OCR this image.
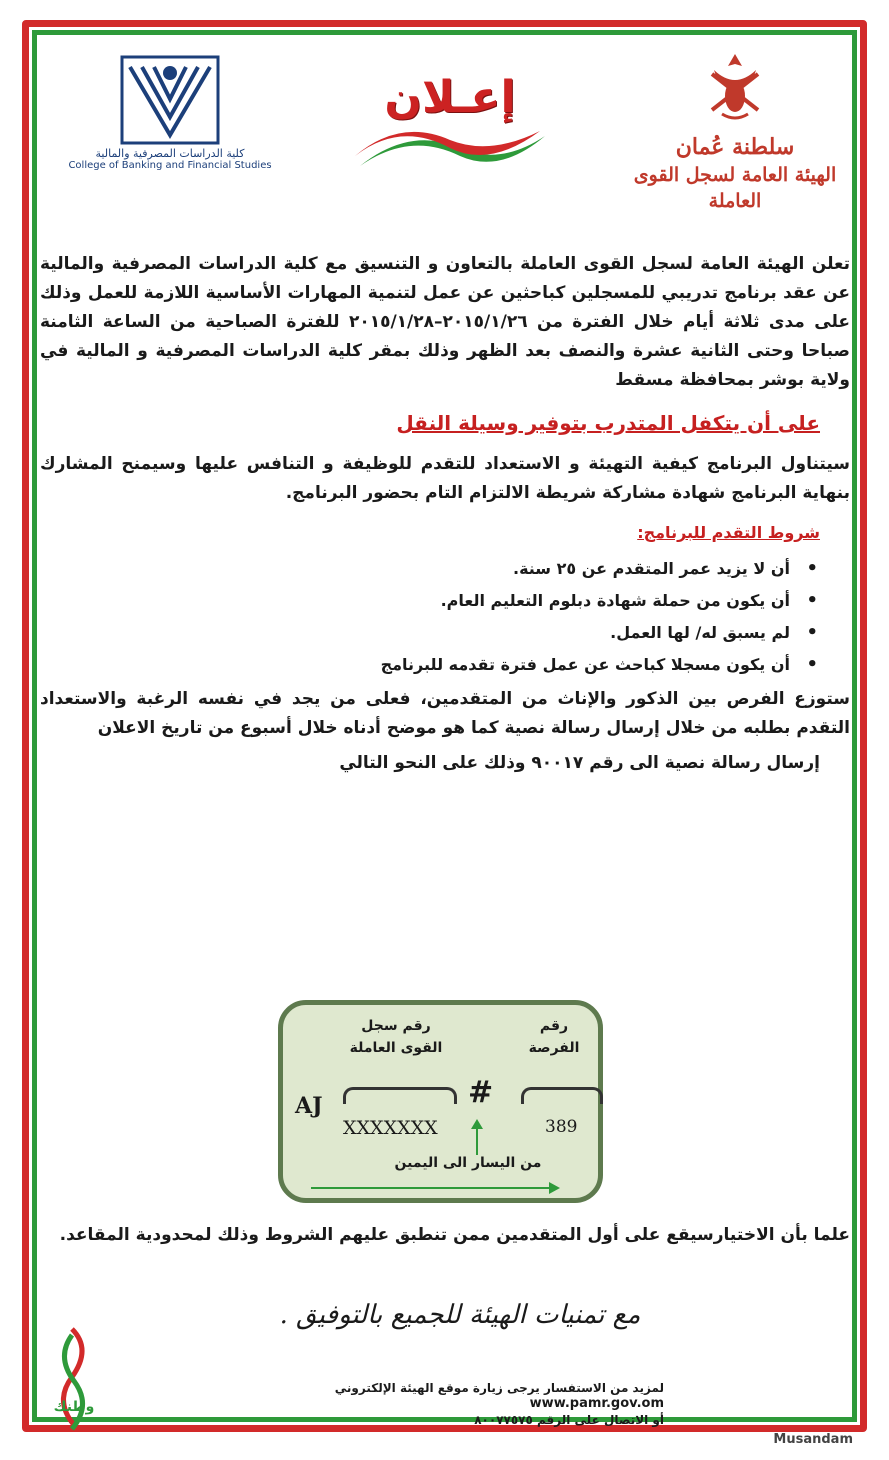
سلطنة عُمان
الهيئة العامة لسجل القوى العاملة
إعـلان
كلية الدراسات المصرفية والمالية
College of Banking and Financial Studies

تعلن الهيئة العامة لسجل القوى العاملة بالتعاون و التنسيق مع كلية الدراسات المصرفية والمالية عن عقد برنامج تدريبي للمسجلين كباحثين عن عمل لتنمية المهارات الأساسية اللازمة للعمل وذلك على مدى ثلاثة أيام خلال الفترة من ٢٠١٥/١/٢٦–٢٠١٥/١/٢٨ للفترة الصباحية من الساعة الثامنة صباحا وحتى الثانية عشرة والنصف بعد الظهر وذلك بمقر كلية الدراسات المصرفية و المالية في ولاية بوشر بمحافظة مسقط

على أن يتكفل المتدرب بتوفير وسيلة النقل

سيتناول البرنامج كيفية التهيئة و الاستعداد للتقدم للوظيفة و التنافس عليها وسيمنح المشارك بنهاية البرنامج شهادة مشاركة شريطة الالتزام التام بحضور البرنامج.

شروط التقدم للبرنامج:
• أن لا يزيد عمر المتقدم عن ٢٥ سنة.
• أن يكون من حملة شهادة دبلوم التعليم العام.
• لم يسبق له/ لها العمل.
• أن يكون مسجلا كباحث عن عمل فترة تقدمه للبرنامج

ستوزع الفرص بين الذكور والإناث من المتقدمين، فعلى من يجد في نفسه الرغبة والاستعداد التقدم بطلبه من خلال إرسال رسالة نصية كما هو موضح أدناه خلال أسبوع من تاريخ الاعلان

إرسال رسالة نصية الى رقم ٩٠٠١٧ وذلك على النحو التالي

رقم سجل القوى العاملة
رقم الفرصة
AJ	#
XXXXXXX	389
من اليسار الى اليمين
علما بأن الاختيارسيقع على أول المتقدمين ممن تنطبق عليهم الشروط وذلك لمحدودية المقاعد.
مع تمنيات الهيئة للجميع بالتوفيق .
وطنك
لمزيد من الاستفسار يرجى زيارة موقع الهيئة الإلكتروني
www.pamr.gov.om
أو الاتصال على الرقم ٨٠٠٧٧٥٧٥
Musandam
